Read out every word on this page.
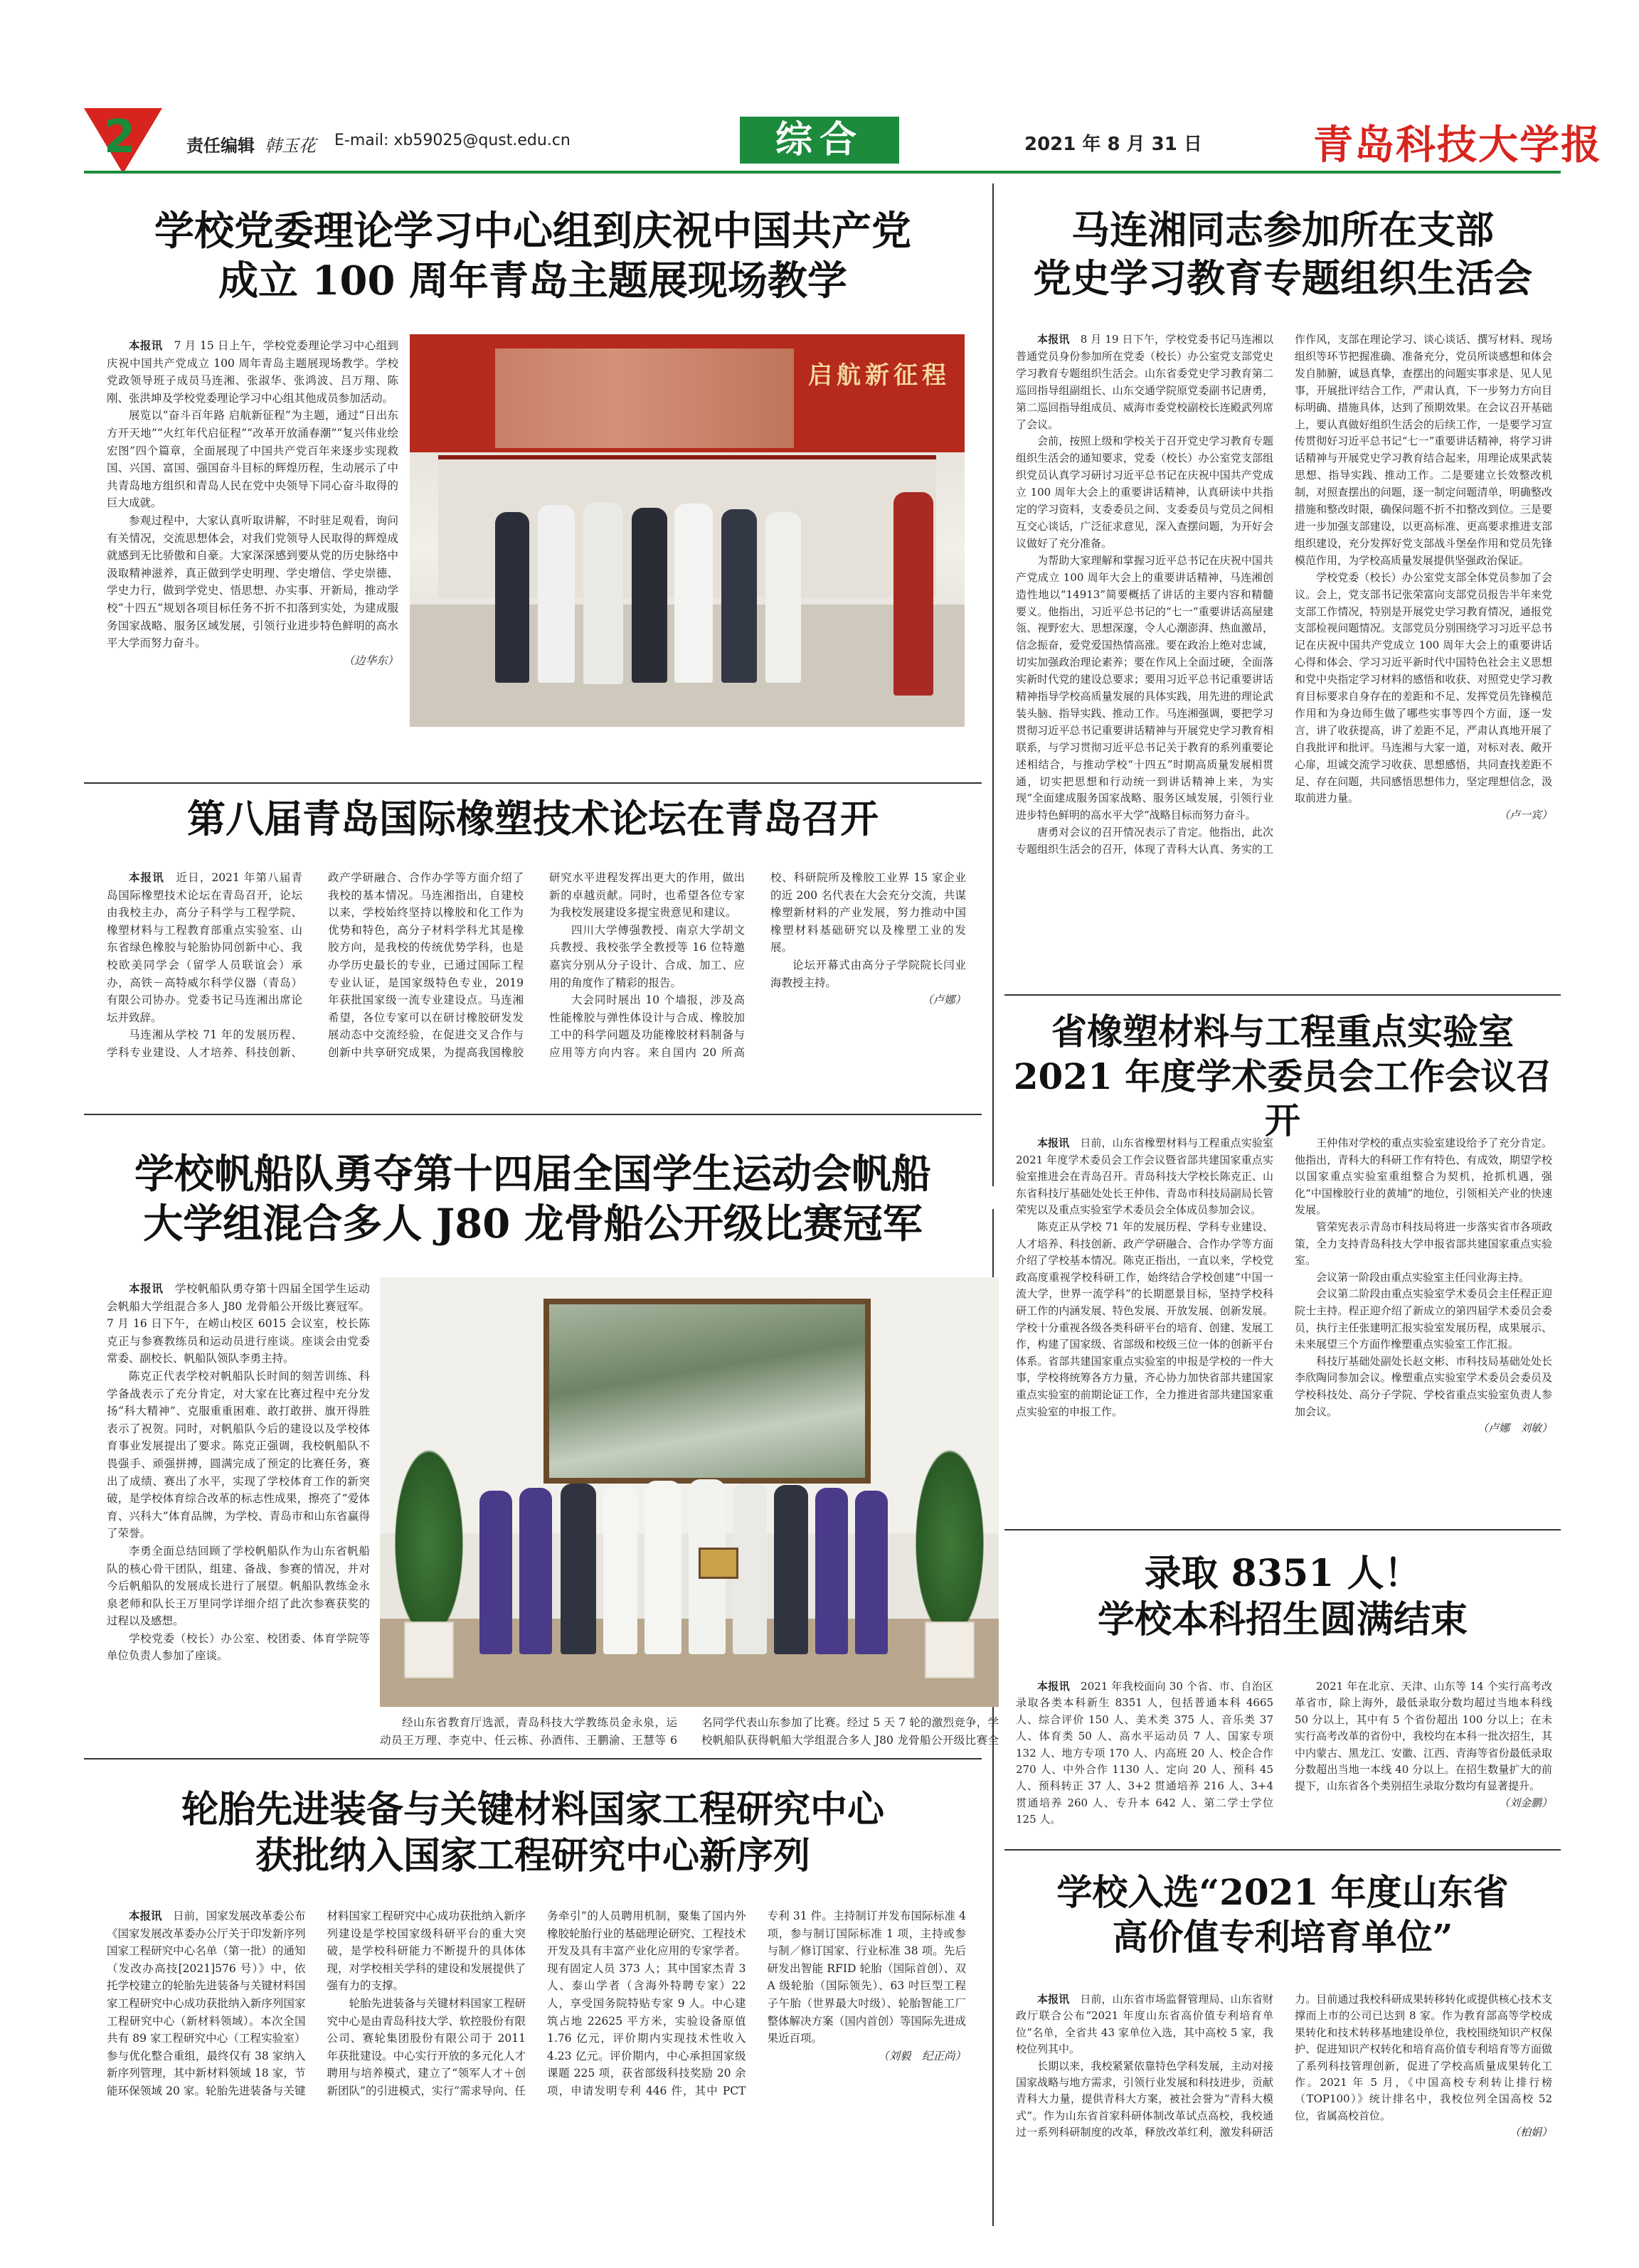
2	责任编辑 韩玉花 E-mail: xb59025@qust.edu.cn	综合	2021 年 8 月 31 日	青岛科技大学报
学校党委理论学习中心组到庆祝中国共产党
成立 100 周年青岛主题展现场教学

本报讯　 7 月 15 日上午，学校党委理论学习中心组到庆祝中国共产党成立 100 周年青岛主题展现场教学。学校党政领导班子成员马连湘、张淑华、张鸿波、吕万翔、陈刚、张洪坤及学校党委理论学习中心组其他成员参加活动。

展览以“奋斗百年路 启航新征程”为主题，通过“日出东方开天地”“火红年代启征程”“改革开放涌春潮”“复兴伟业绘宏图”四个篇章，全面展现了中国共产党百年来逐步实现救国、兴国、富国、强国奋斗目标的辉煌历程，生动展示了中共青岛地方组织和青岛人民在党中央领导下同心奋斗取得的巨大成就。

参观过程中，大家认真听取讲解，不时驻足观看，询问有关情况，交流思想体会，对我们党领导人民取得的辉煌成就感到无比骄傲和自豪。大家深深感到要从党的历史脉络中汲取精神滋养，真正做到学史明理、学史增信、学史崇德、学史力行，做到学党史、悟思想、办实事、开新局，推动学校“十四五”规划各项目标任务不折不扣落到实处，为建成服务国家战略、服务区域发展，引领行业进步特色鲜明的高水平大学而努力奋斗。

（边华东）
启航新征程
第八届青岛国际橡塑技术论坛在青岛召开

本报讯　 近日，2021 年第八届青岛国际橡塑技术论坛在青岛召开，论坛由我校主办，高分子科学与工程学院、橡塑材料与工程教育部重点实验室、山东省绿色橡胶与轮胎协同创新中心、我校欧美同学会（留学人员联谊会）承办，高铁－高特威尔科学仪器（青岛）有限公司协办。党委书记马连湘出席论坛并致辞。

马连湘从学校 71 年的发展历程、学科专业建设、人才培养、科技创新、政产学研融合、合作办学等方面介绍了我校的基本情况。马连湘指出，自建校以来，学校始终坚持以橡胶和化工作为优势和特色，高分子材料学科尤其是橡胶方向，是我校的传统优势学科，也是办学历史最长的专业，已通过国际工程专业认证，是国家级特色专业，2019 年获批国家级一流专业建设点。马连湘希望，各位专家可以在研讨橡胶研发发展动态中交流经验，在促进交叉合作与创新中共享研究成果，为提高我国橡胶研究水平进程发挥出更大的作用，做出新的卓越贡献。同时，也希望各位专家为我校发展建设多提宝贵意见和建议。

四川大学傅强教授、南京大学胡文兵教授、我校张学全教授等 16 位特邀嘉宾分别从分子设计、合成、加工、应用的角度作了精彩的报告。

大会同时展出 10 个墙报，涉及高性能橡胶与弹性体设计与合成、橡胶加工中的科学问题及功能橡胶材料制备与应用等方向内容。来自国内 20 所高校、科研院所及橡胶工业界 15 家企业的近 200 名代表在大会充分交流，共谋橡塑新材料的产业发展，努力推动中国橡塑材料基础研究以及橡塑工业的发展。

论坛开幕式由高分子学院院长闫业海教授主持。

（卢娜）
学校帆船队勇夺第十四届全国学生运动会帆船
大学组混合多人 J80 龙骨船公开级比赛冠军

本报讯　 学校帆船队勇夺第十四届全国学生运动会帆船大学组混合多人 J80 龙骨船公开级比赛冠军。7 月 16 日下午，在崂山校区 6015 会议室，校长陈克正与参赛教练员和运动员进行座谈。座谈会由党委常委、副校长、帆船队领队李勇主持。

陈克正代表学校对帆船队长时间的刻苦训练、科学备战表示了充分肯定，对大家在比赛过程中充分发扬“科大精神”、克服重重困难、敢打敢拼、旗开得胜表示了祝贺。同时，对帆船队今后的建设以及学校体育事业发展提出了要求。陈克正强调，我校帆船队不畏强手、顽强拼搏，圆满完成了预定的比赛任务，赛出了成绩、赛出了水平，实现了学校体育工作的新突破，是学校体育综合改革的标志性成果，擦亮了“爱体育、兴科大”体育品牌，为学校、青岛市和山东省赢得了荣誉。

李勇全面总结回顾了学校帆船队作为山东省帆船队的核心骨干团队，组建、备战、参赛的情况，并对今后帆船队的发展成长进行了展望。帆船队教练金永泉老师和队长王万里同学详细介绍了此次参赛获奖的过程以及感想。

学校党委（校长）办公室、校团委、体育学院等单位负责人参加了座谈。

经山东省教育厅选派，青岛科技大学教练员金永泉，运动员王万理、李克中、任云栋、孙酒伟、王鹏渝、王慧等 6 名同学代表山东参加了比赛。经过 5 天 7 轮的激烈竞争，学校帆船队获得帆船大学组混合多人 J80 龙骨船公开级比赛全

轮胎先进装备与关键材料国家工程研究中心
获批纳入国家工程研究中心新序列

本报讯　 日前，国家发展改革委公布《国家发展改革委办公厅关于印发新序列国家工程研究中心名单（第一批）的通知（发改办高技[2021]576 号）》中，依托学校建立的轮胎先进装备与关键材料国家工程研究中心成功获批纳入新序列国家工程研究中心（新材料领域）。本次全国共有 89 家工程研究中心（工程实验室）参与优化整合重组，最终仅有 38 家纳入新序列管理，其中新材料领域 18 家，节能环保领域 20 家。轮胎先进装备与关键材料国家工程研究中心成功获批纳入新序列建设是学校国家级科研平台的重大突破，是学校科研能力不断提升的具体体现，对学校相关学科的建设和发展提供了强有力的支撑。

轮胎先进装备与关键材料国家工程研究中心是由青岛科技大学、软控股份有限公司、赛轮集团股份有限公司于 2011 年获批建设。中心实行开放的多元化人才聘用与培养模式，建立了“领军人才＋创新团队”的引进模式，实行“需求导向、任务牵引”的人员聘用机制，聚集了国内外橡胶轮胎行业的基础理论研究、工程技术开发及具有丰富产业化应用的专家学者。现有固定人员 373 人；其中国家杰青 3 人、泰山学者（含海外特聘专家）22 人，享受国务院特贴专家 9 人。中心建筑占地 22625 平方米，实验设备原值 1.76 亿元，评价期内实现技术性收入 4.23 亿元。评价期内，中心承担国家级课题 225 项，获省部级科技奖励 20 余项，申请发明专利 446 件，其中 PCT 专利 31 件。主持制订并发布国际标准 4 项，参与制订国际标准 1 项，主持或参与制／修订国家、行业标准 38 项。先后研发出智能 RFID 轮胎（国际首创）、双 A 级轮胎（国际领先）、63 吋巨型工程子午胎（世界最大吋级）、轮胎智能工厂整体解决方案（国内首创）等国际先进成果近百项。

（刘毅　纪正尚）
马连湘同志参加所在支部
党史学习教育专题组织生活会

本报讯　 8 月 19 日下午，学校党委书记马连湘以普通党员身份参加所在党委（校长）办公室党支部党史学习教育专题组织生活会。山东省委党史学习教育第二巡回指导组副组长、山东交通学院原党委副书记唐勇，第二巡回指导组成员、威海市委党校副校长连殿武列席了会议。

会前，按照上级和学校关于召开党史学习教育专题组织生活会的通知要求，党委（校长）办公室党支部组织党员认真学习研讨习近平总书记在庆祝中国共产党成立 100 周年大会上的重要讲话精神，认真研读中共指定的学习资料，支委委员之间、支委委员与党员之间相互交心谈话，广泛征求意见，深入查摆问题，为开好会议做好了充分准备。

为帮助大家理解和掌握习近平总书记在庆祝中国共产党成立 100 周年大会上的重要讲话精神，马连湘创造性地以“14913”简要概括了讲话的主要内容和精髓要义。他指出，习近平总书记的“七一”重要讲话高屋建瓴、视野宏大、思想深邃，令人心潮澎湃、热血激昂，信念振奋，爱党爱国热情高涨。要在政治上绝对忠诚，切实加强政治理论素养；要在作风上全面过硬，全面落实新时代党的建设总要求；要用习近平总书记重要讲话精神指导学校高质量发展的具体实践，用先进的理论武装头脑、指导实践、推动工作。马连湘强调，要把学习贯彻习近平总书记重要讲话精神与开展党史学习教育相联系，与学习贯彻习近平总书记关于教育的系列重要论述相结合，与推动学校“十四五”时期高质量发展相贯通，切实把思想和行动统一到讲话精神上来，为实现“全面建成服务国家战略、服务区域发展，引领行业进步特色鲜明的高水平大学”战略目标而努力奋斗。

唐勇对会议的召开情况表示了肯定。他指出，此次专题组织生活会的召开，体现了青科大认真、务实的工作作风，支部在理论学习、谈心谈话、撰写材料、现场组织等环节把握准确、准备充分，党员所谈感想和体会发自肺腑，诚恳真挚，查摆出的问题实事求是、见人见事，开展批评结合工作，严肃认真，下一步努力方向目标明确、措施具体，达到了预期效果。在会议召开基础上，要认真做好组织生活会的后续工作，一是要学习宣传贯彻好习近平总书记“七一”重要讲话精神，将学习讲话精神与开展党史学习教育结合起来，用理论成果武装思想、指导实践、推动工作。二是要建立长效整改机制，对照查摆出的问题，逐一制定问题清单，明确整改措施和整改时限，确保问题不折不扣整改到位。三是要进一步加强支部建设，以更高标准、更高要求推进支部组织建设，充分发挥好党支部战斗堡垒作用和党员先锋模范作用，为学校高质量发展提供坚强政治保证。

学校党委（校长）办公室党支部全体党员参加了会议。会上，党支部书记张荣富向支部党员报告半年来党支部工作情况，特别是开展党史学习教育情况，通报党支部检视问题情况。支部党员分别围绕学习习近平总书记在庆祝中国共产党成立 100 周年大会上的重要讲话心得和体会、学习习近平新时代中国特色社会主义思想和党中央指定学习材料的感悟和收获、对照党史学习教育目标要求自身存在的差距和不足、发挥党员先锋模范作用和为身边师生做了哪些实事等四个方面，逐一发言，讲了收获提高，讲了差距不足，严肃认真地开展了自我批评和批评。马连湘与大家一道，对标对表、敞开心扉，坦诚交流学习收获、思想感悟，共同查找差距不足、存在问题，共同感悟思想伟力，坚定理想信念，汲取前进力量。

（卢一宾）
省橡塑材料与工程重点实验室
2021 年度学术委员会工作会议召开

本报讯　 日前，山东省橡塑材料与工程重点实验室 2021 年度学术委员会工作会议暨省部共建国家重点实验室推进会在青岛召开。青岛科技大学校长陈克正、山东省科技厅基础处处长王仲伟、青岛市科技局副局长管荣宪以及重点实验室学术委员会全体成员参加会议。

陈克正从学校 71 年的发展历程、学科专业建设、人才培养、科技创新、政产学研融合、合作办学等方面介绍了学校基本情况。陈克正指出，一直以来，学校党政高度重视学校科研工作，始终结合学校创建“中国一流大学，世界一流学科”的长期愿景目标，坚持学校科研工作的内涵发展、特色发展、开放发展、创新发展。学校十分重视各级各类科研平台的培育、创建、发展工作，构建了国家级、省部级和校级三位一体的创新平台体系。省部共建国家重点实验室的申报是学校的一件大事，学校将统筹各方力量，齐心协力加快省部共建国家重点实验室的前期论证工作，全力推进省部共建国家重点实验室的申报工作。

王仲伟对学校的重点实验室建设给予了充分肯定。他指出，青科大的科研工作有特色、有成效，期望学校以国家重点实验室重组整合为契机，抢抓机遇，强化“中国橡胶行业的黄埔”的地位，引领相关产业的快速发展。

管荣宪表示青岛市科技局将进一步落实省市各项政策，全力支持青岛科技大学申报省部共建国家重点实验室。

会议第一阶段由重点实验室主任闫业海主持。

会议第二阶段由重点实验室学术委员会主任程正迎院士主持。程正迎介绍了新成立的第四届学术委员会委员，执行主任张建明汇报实验室发展历程，成果展示、未来展望三个方面作橡塑重点实验室工作汇报。

科技厅基础处副处长赵文彬、市科技局基础处处长李欣陶同参加会议。橡塑重点实验室学术委员会委员及学校科技处、高分子学院、学校省重点实验室负责人参加会议。

（卢娜　刘敏）
录取 8351 人！
学校本科招生圆满结束

本报讯　 2021 年我校面向 30 个省、市、自治区录取各类本科新生 8351 人，包括普通本科 4665 人、综合评价 150 人、美术类 375 人、音乐类 37 人、体育类 50 人、高水平运动员 7 人、国家专项 132 人、地方专项 170 人、内高班 20 人、校企合作 270 人、中外合作 1130 人、定向 20 人、预科 45 人、预科转正 37 人、3+2 贯通培养 216 人、3+4 贯通培养 260 人、专升本 642 人、第二学士学位 125 人。

2021 年在北京、天津、山东等 14 个实行高考改革省市，除上海外，最低录取分数均超过当地本科线 50 分以上，其中有 5 个省份超出 100 分以上；在未实行高考改革的省份中，我校均在本科一批次招生，其中内蒙古、黑龙江、安徽、江西、青海等省份最低录取分数超出当地一本线 40 分以上。在招生数量扩大的前提下，山东省各个类别招生录取分数均有显著提升。

（刘金鹏）
学校入选“2021 年度山东省
高价值专利培育单位”

本报讯　 日前，山东省市场监督管理局、山东省财政厅联合公布“2021 年度山东省高价值专利培育单位”名单，全省共 43 家单位入选，其中高校 5 家，我校位列其中。

长期以来，我校紧紧依靠特色学科发展，主动对接国家战略与地方需求，引领行业发展和科技进步，贡献青科大力量，提供青科大方案，被社会誉为“青科大模式”。作为山东省首家科研体制改革试点高校，我校通过一系列科研制度的改革，释放改革红利，激发科研活力。目前通过我校科研成果转移转化或提供核心技术支撑而上市的公司已达到 8 家。作为教育部高等学校成果转化和技术转移基地建设单位，我校围绕知识产权保护、促进知识产权转化和培育高价值专利培育等方面做了系列科技管理创新，促进了学校高质量成果转化工作。2021 年 5 月，《中国高校专利转让排行榜（TOP100）》统计排名中，我校位列全国高校 52 位，省属高校首位。

（柏娟）
